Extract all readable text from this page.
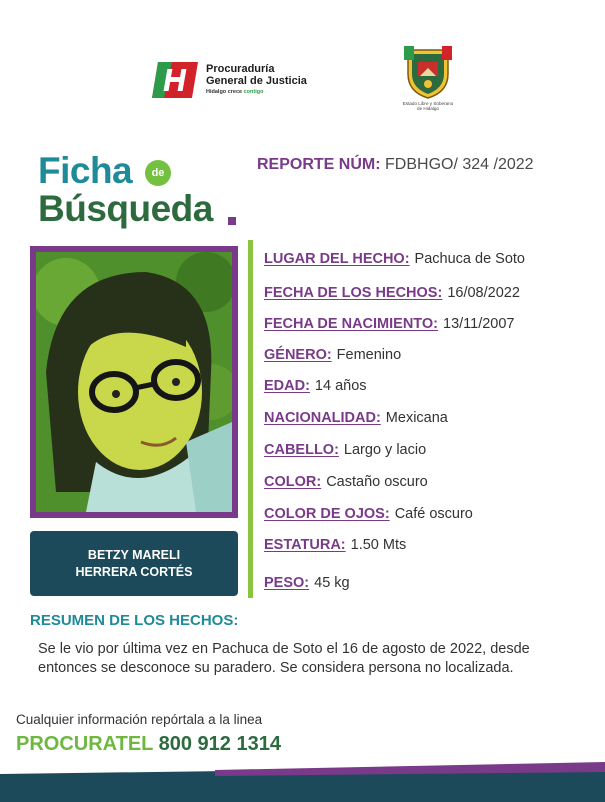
Procuraduría
General de Justicia
Hidalgo crece contigo
Estado Libre y Soberano
de Hidalgo
Ficha	de
Búsqueda
REPORTE NÚM: FDBHGO/ 324 /2022
BETZY MARELI
HERRERA CORTÉS
LUGAR DEL HECHO: Pachuca de Soto
FECHA DE LOS HECHOS: 16/08/2022
FECHA DE NACIMIENTO: 13/11/2007
GÉNERO: Femenino
EDAD: 14 años
NACIONALIDAD: Mexicana
CABELLO: Largo y lacio
COLOR: Castaño oscuro
COLOR DE OJOS: Café oscuro
ESTATURA: 1.50 Mts
PESO: 45 kg
RESUMEN DE LOS HECHOS:
Se le vio por última vez en Pachuca de Soto el 16 de agosto de 2022, desde entonces se desconoce su paradero. Se considera persona no localizada.
Cualquier información repórtala a la linea
PROCURATEL 800 912 1314
